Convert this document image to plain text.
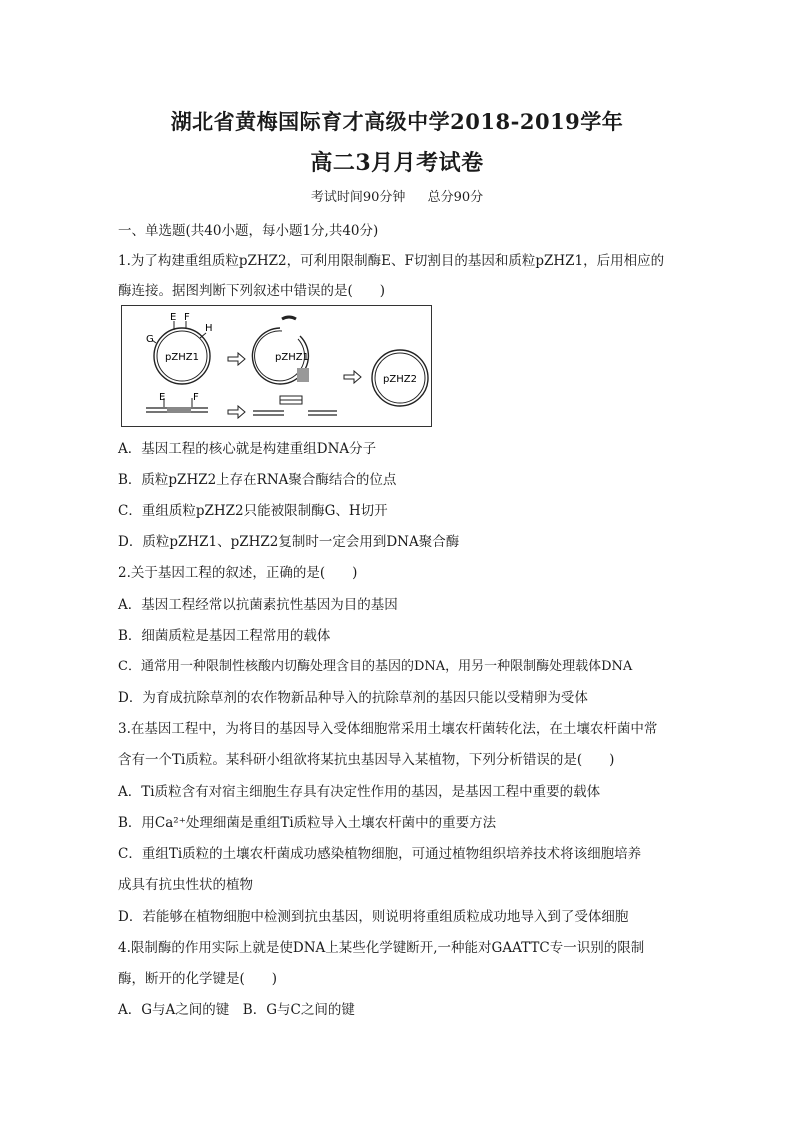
湖北省黄梅国际育才高级中学2018-2019学年
高二3月月考试卷
考试时间90分钟 总分90分
一、单选题(共40小题，每小题1分,共40分)
1.为了构建重组质粒pZHZ2，可利用限制酶E、F切割目的基因和质粒pZHZ1，后用相应的
酶连接。据图判断下列叙述中错误的是(　　)
E F
H
G
pZHZ1	pZHZ1
pZHZ2
E	F
A．基因工程的核心就是构建重组DNA分子
B．质粒pZHZ2上存在RNA聚合酶结合的位点
C．重组质粒pZHZ2只能被限制酶G、H切开
D．质粒pZHZ1、pZHZ2复制时一定会用到DNA聚合酶
2.关于基因工程的叙述，正确的是(　　)
A．基因工程经常以抗菌素抗性基因为目的基因
B．细菌质粒是基因工程常用的载体
C．通常用一种限制性核酸内切酶处理含目的基因的DNA，用另一种限制酶处理载体DNA
D．为育成抗除草剂的农作物新品种导入的抗除草剂的基因只能以受精卵为受体
3.在基因工程中，为将目的基因导入受体细胞常采用土壤农杆菌转化法，在土壤农杆菌中常
含有一个Ti质粒。某科研小组欲将某抗虫基因导入某植物，下列分析错误的是(　　)
A．Ti质粒含有对宿主细胞生存具有决定性作用的基因，是基因工程中重要的载体
B．用Ca²⁺处理细菌是重组Ti质粒导入土壤农杆菌中的重要方法
C．重组Ti质粒的土壤农杆菌成功感染植物细胞，可通过植物组织培养技术将该细胞培养
成具有抗虫性状的植物
D．若能够在植物细胞中检测到抗虫基因，则说明将重组质粒成功地导入到了受体细胞
4.限制酶的作用实际上就是使DNA上某些化学键断开,一种能对GAATTC专一识别的限制
酶，断开的化学键是(　　)
A．G与A之间的键　B．G与C之间的键
